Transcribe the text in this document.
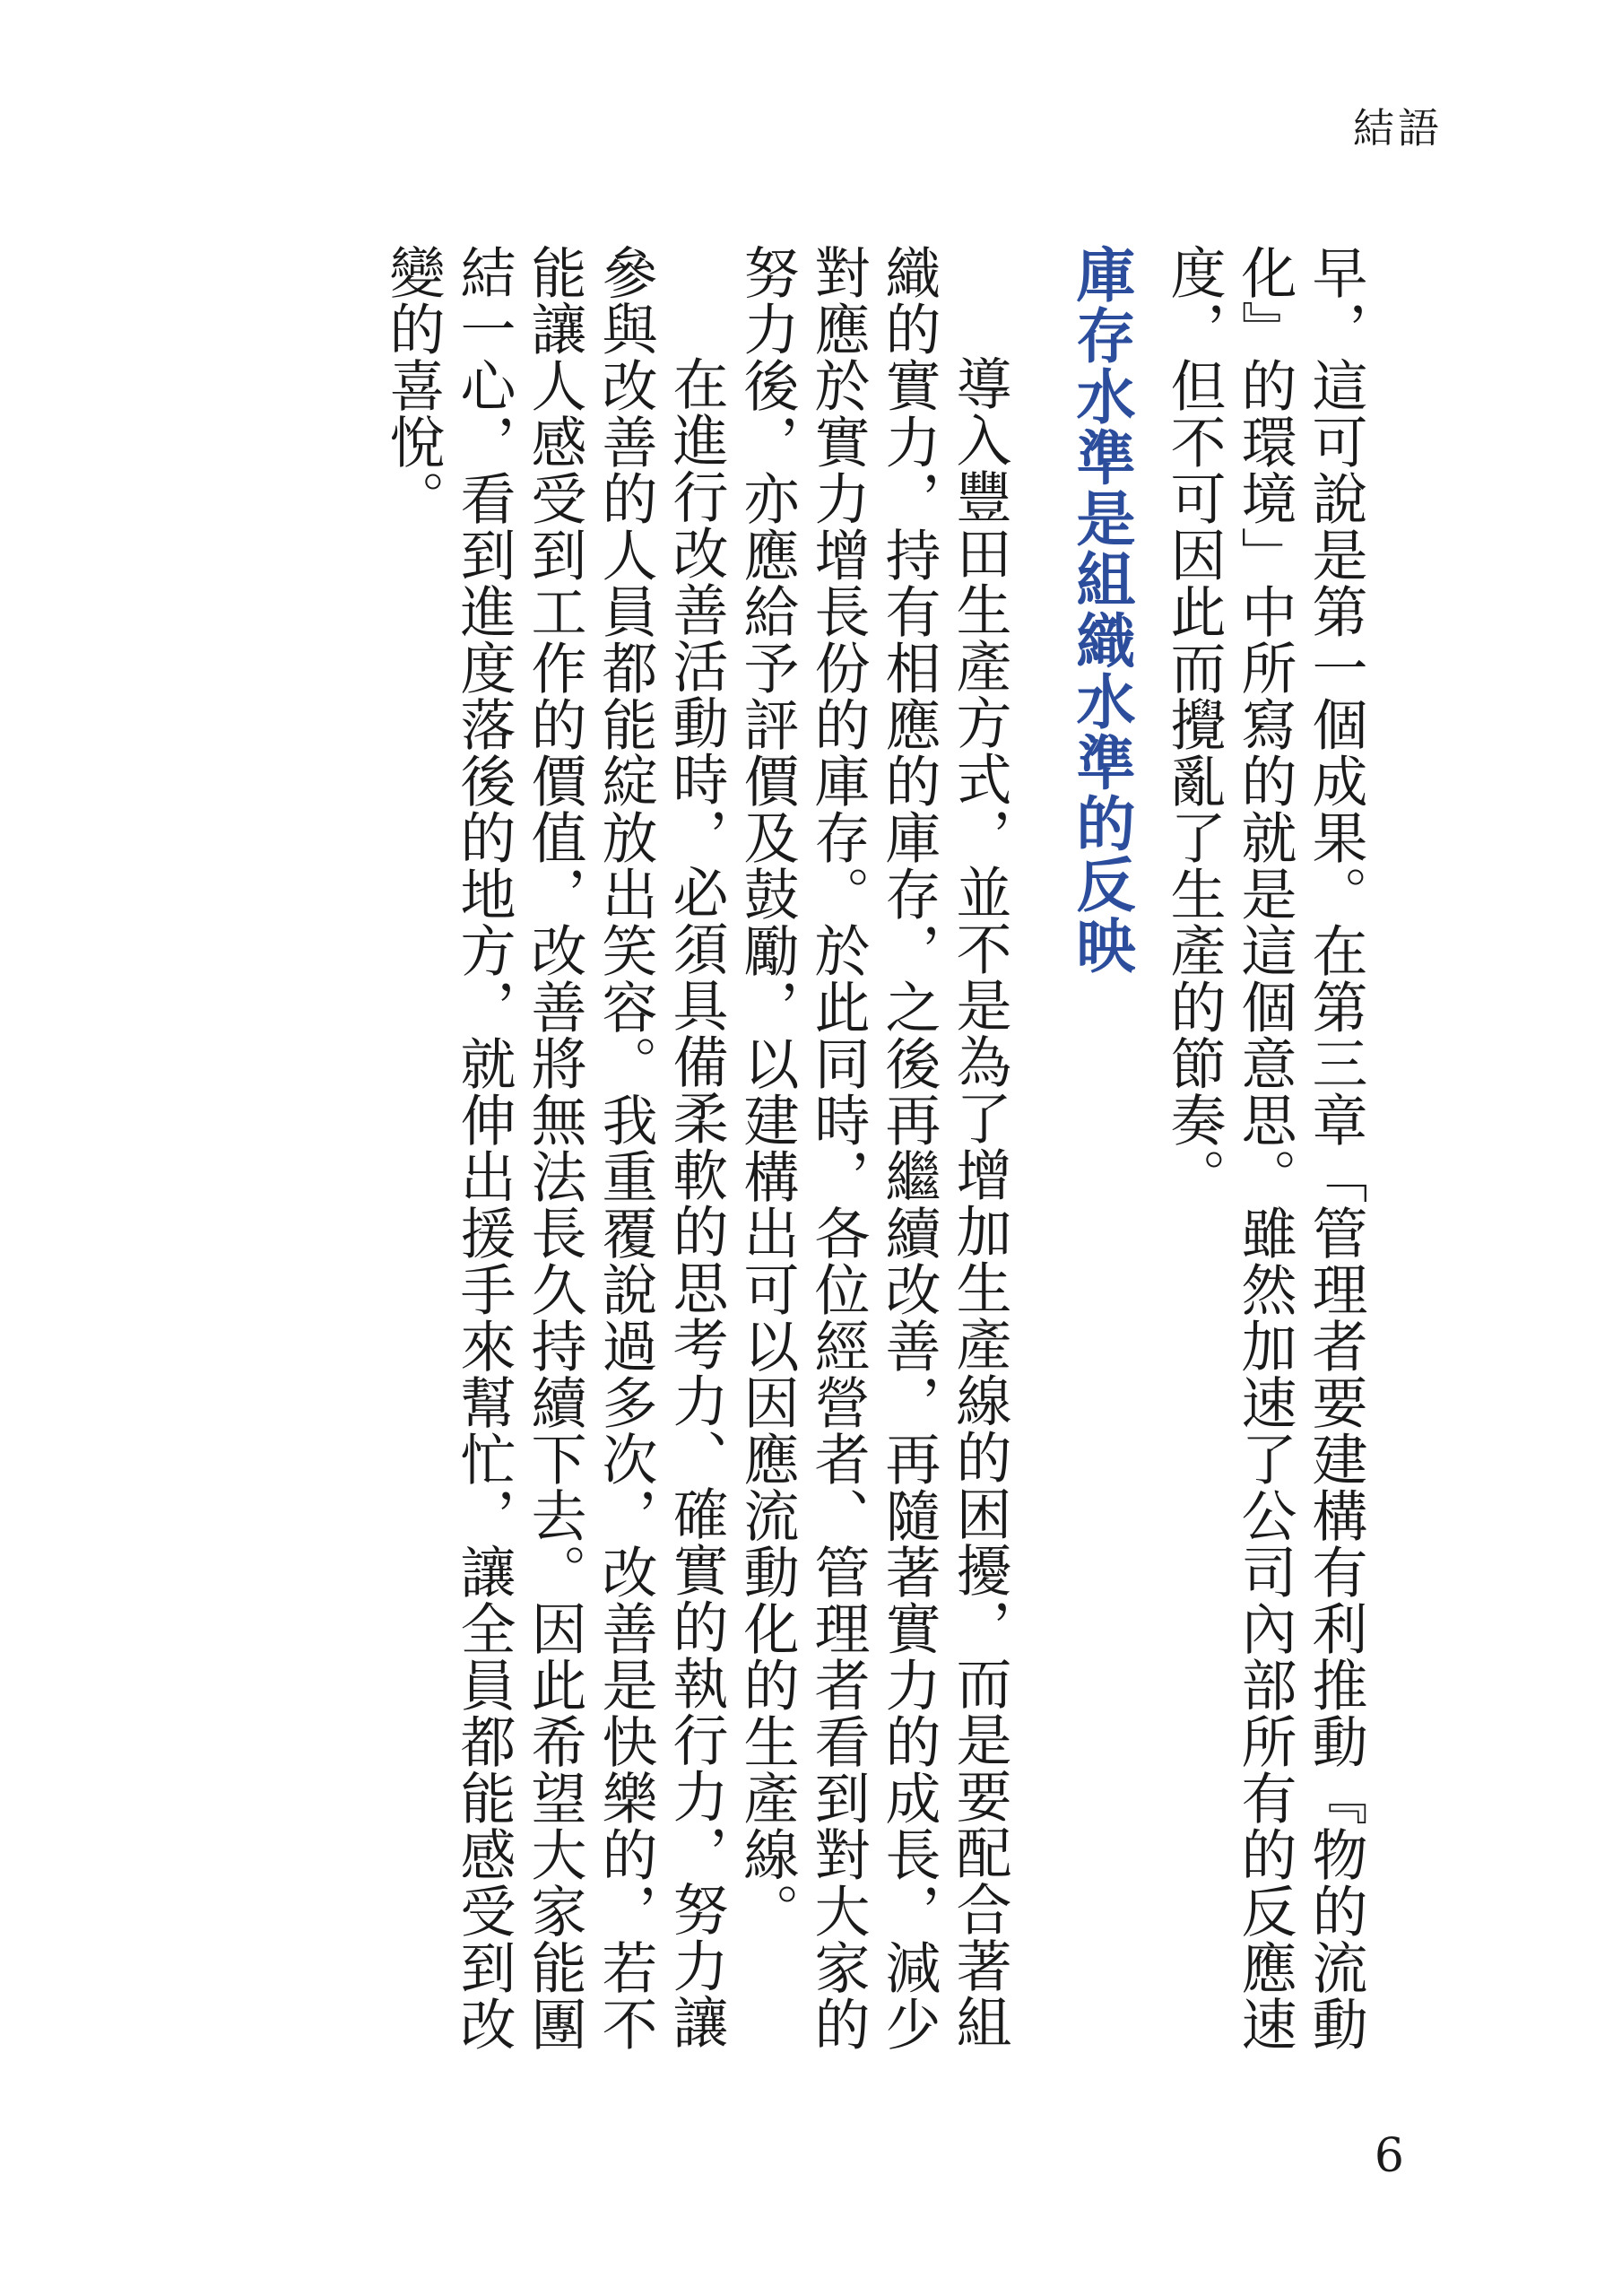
結語

早，這可說是第一個成果。在第三章「管理者要建構有利推動『物的流動化』的環境」中所寫的就是這個意思。雖然加速了公司內部所有的反應速度，但不可因此而攪亂了生產的節奏。

庫存水準是組織水準的反映

導入豐田生產方式，並不是為了增加生產線的困擾，而是要配合著組織的實力，持有相應的庫存，之後再繼續改善，再隨著實力的成長，減少對應於實力增長份的庫存。於此同時，各位經營者、管理者看到對大家的努力後，亦應給予評價及鼓勵，以建構出可以因應流動化的生產線。

在進行改善活動時，必須具備柔軟的思考力、確實的執行力，努力讓參與改善的人員都能綻放出笑容。我重覆說過多次，改善是快樂的，若不能讓人感受到工作的價值，改善將無法長久持續下去。因此希望大家能團結一心，看到進度落後的地方，就伸出援手來幫忙，讓全員都能感受到改變的喜悅。

6
